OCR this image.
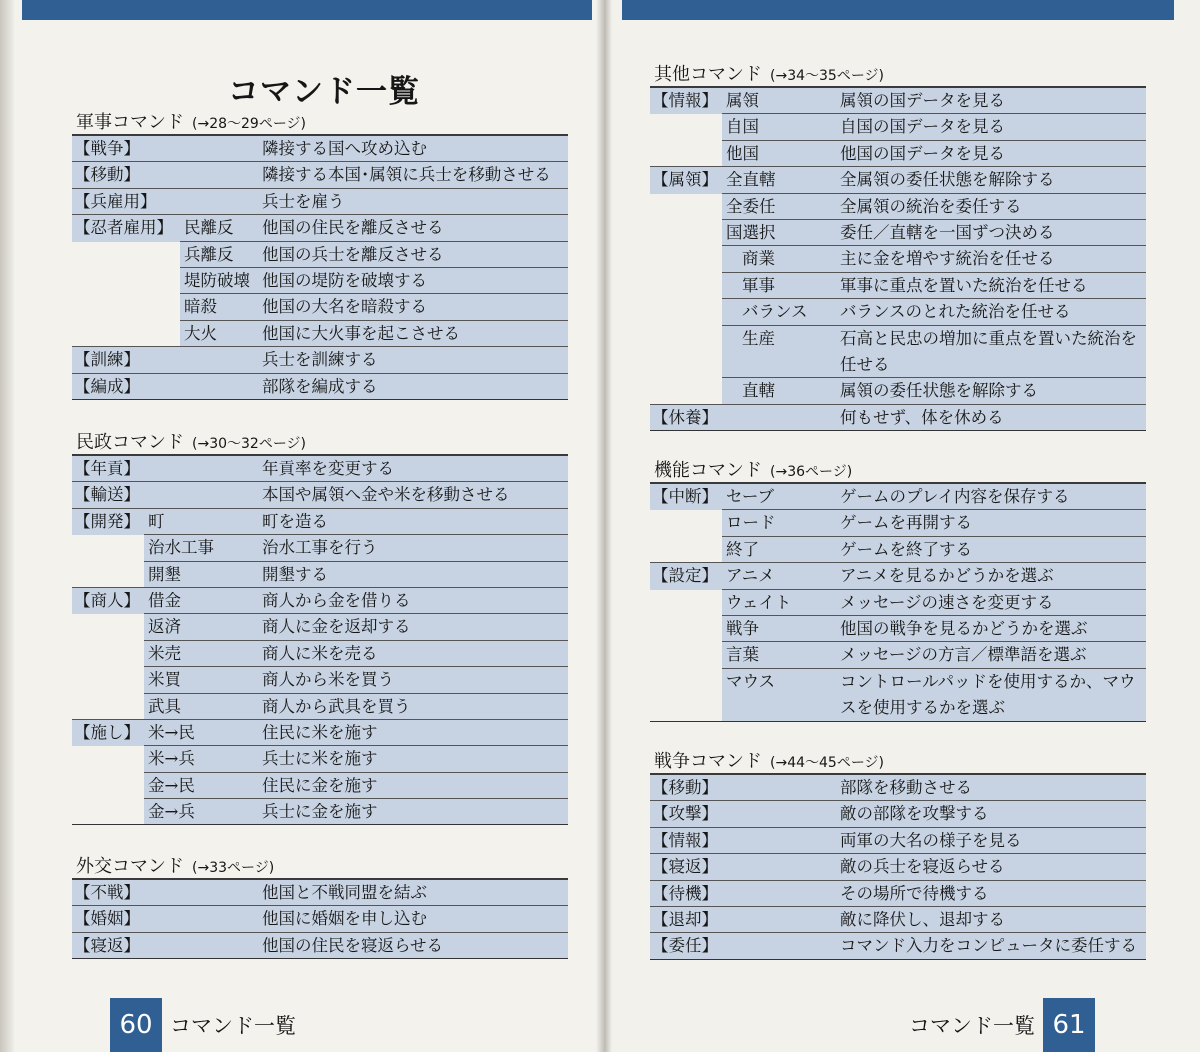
コマンド一覧
軍事コマンド (→28～29ページ)
【戦争】	隣接する国へ攻め込む
【移動】	隣接する本国･属領に兵士を移動させる
【兵雇用】	兵士を雇う
【忍者雇用】 民離反 他国の住民を離反させる
兵離反 他国の兵士を離反させる
堤防破壊 他国の堤防を破壊する
暗殺	他国の大名を暗殺する
大火	他国に大火事を起こさせる
【訓練】	兵士を訓練する
【編成】	部隊を編成する
民政コマンド (→30～32ページ)
【年貢】	年貢率を変更する
【輸送】	本国や属領へ金や米を移動させる
【開発】 町	町を造る
治水工事	治水工事を行う
開墾	開墾する
【商人】 借金	商人から金を借りる
返済	商人に金を返却する
米売	商人に米を売る
米買	商人から米を買う
武具	商人から武具を買う
【施し】 米→民	住民に米を施す
米→兵	兵士に米を施す
金→民	住民に金を施す
金→兵	兵士に金を施す
外交コマンド (→33ページ)
【不戦】	他国と不戦同盟を結ぶ
【婚姻】	他国に婚姻を申し込む
【寝返】	他国の住民を寝返らせる
60 コマンド一覧
其他コマンド (→34～35ページ)
【情報】 属領	属領の国データを見る
自国	自国の国データを見る
他国	他国の国データを見る
【属領】 全直轄	全属領の委任状態を解除する
全委任	全属領の統治を委任する
国選択	委任／直轄を一国ずつ決める
商業	主に金を増やす統治を任せる
軍事	軍事に重点を置いた統治を任せる
バランス バランスのとれた統治を任せる
生産	石高と民忠の増加に重点を置いた統治を任せる
直轄	属領の委任状態を解除する
【休養】	何もせず、体を休める
機能コマンド (→36ページ)
【中断】 セーブ	ゲームのプレイ内容を保存する
ロード	ゲームを再開する
終了	ゲームを終了する
【設定】 アニメ	アニメを見るかどうかを選ぶ
ウェイト	メッセージの速さを変更する
戦争	他国の戦争を見るかどうかを選ぶ
言葉	メッセージの方言／標準語を選ぶ
マウス	コントロールパッドを使用するか、マウスを使用するかを選ぶ
戦争コマンド (→44～45ページ)
【移動】	部隊を移動させる
【攻撃】	敵の部隊を攻撃する
【情報】	両軍の大名の様子を見る
【寝返】	敵の兵士を寝返らせる
【待機】	その場所で待機する
【退却】	敵に降伏し、退却する
【委任】	コマンド入力をコンピュータに委任する
コマンド一覧 61
